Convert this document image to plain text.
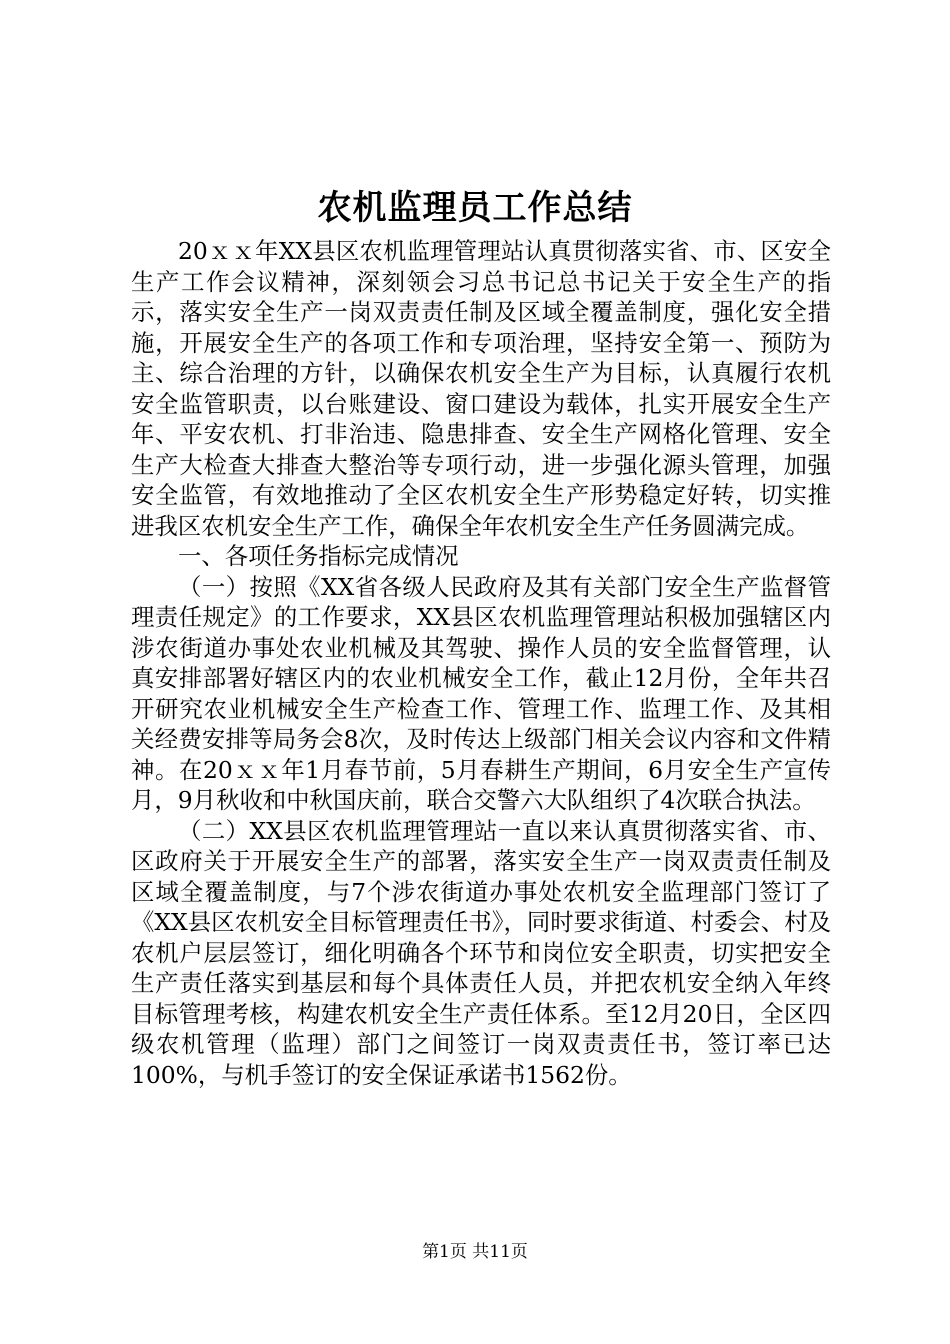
农机监理员工作总结

20ｘｘ年XX县区农机监理管理站认真贯彻落实省、市、区安全生产工作会议精神，深刻领会习总书记总书记关于安全生产的指示，落实安全生产一岗双责责任制及区域全覆盖制度，强化安全措施，开展安全生产的各项工作和专项治理，坚持安全第一、预防为主、综合治理的方针，以确保农机安全生产为目标，认真履行农机安全监管职责，以台账建设、窗口建设为载体，扎实开展安全生产年、平安农机、打非治违、隐患排查、安全生产网格化管理、安全生产大检查大排查大整治等专项行动，进一步强化源头管理，加强安全监管，有效地推动了全区农机安全生产形势稳定好转，切实推进我区农机安全生产工作，确保全年农机安全生产任务圆满完成。

一、各项任务指标完成情况

（一）按照《XX省各级人民政府及其有关部门安全生产监督管理责任规定》的工作要求，XX县区农机监理管理站积极加强辖区内涉农街道办事处农业机械及其驾驶、操作人员的安全监督管理，认真安排部署好辖区内的农业机械安全工作，截止12月份，全年共召开研究农业机械安全生产检查工作、管理工作、监理工作、及其相关经费安排等局务会8次，及时传达上级部门相关会议内容和文件精神。在20ｘｘ年1月春节前，5月春耕生产期间，6月安全生产宣传月，9月秋收和中秋国庆前，联合交警六大队组织了4次联合执法。

（二）XX县区农机监理管理站一直以来认真贯彻落实省、市、区政府关于开展安全生产的部署，落实安全生产一岗双责责任制及区域全覆盖制度，与7个涉农街道办事处农机安全监理部门签订了《XX县区农机安全目标管理责任书》，同时要求街道、村委会、村及农机户层层签订，细化明确各个环节和岗位安全职责，切实把安全生产责任落实到基层和每个具体责任人员，并把农机安全纳入年终目标管理考核，构建农机安全生产责任体系。至12月20日，全区四级农机管理（监理）部门之间签订一岗双责责任书，签订率已达100%，与机手签订的安全保证承诺书1562份。

第1页 共11页
